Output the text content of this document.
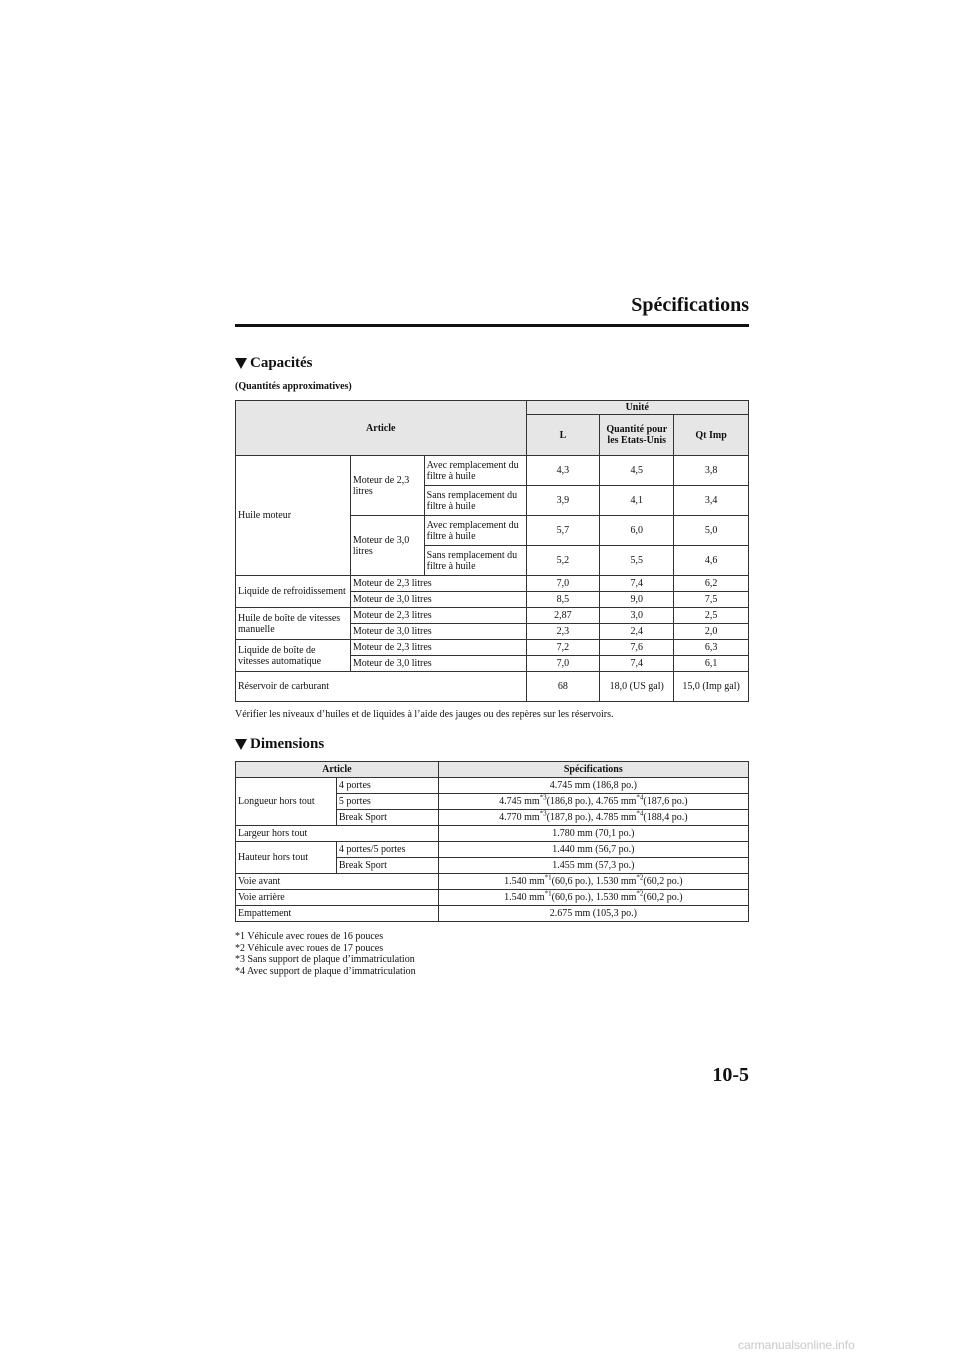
Spécifications
Capacités
(Quantités approximatives)
Article			Unité		
			L	Quantité pour les Etats-Unis	Qt Imp
Huile moteur	Moteur de 2,3 litres	Avec remplacement du filtre à huile	4,3	4,5	3,8
		Sans remplacement du filtre à huile	3,9	4,1	3,4
	Moteur de 3,0 litres	Avec remplacement du filtre à huile	5,7	6,0	5,0
		Sans remplacement du filtre à huile	5,2	5,5	4,6
Liquide de refroidissement	Moteur de 2,3 litres		7,0	7,4	6,2
	Moteur de 3,0 litres		8,5	9,0	7,5
Huile de boîte de vitesses manuelle	Moteur de 2,3 litres		2,87	3,0	2,5
	Moteur de 3,0 litres		2,3	2,4	2,0
Liquide de boîte de vitesses automatique	Moteur de 2,3 litres		7,2	7,6	6,3
	Moteur de 3,0 litres		7,0	7,4	6,1
Réservoir de carburant			68	18,0 (US gal)	15,0 (Imp gal)
Vérifier les niveaux d’huiles et de liquides à l’aide des jauges ou des repères sur les réservoirs.
Dimensions
Article		Spécifications
Longueur hors tout	4 portes	4.745 mm (186,8 po.)
	5 portes	4.745 $mm^{*3}(186,8$ po.), 4.765 $mm^{*4}(187,6$ po.)
	Break Sport	4.770 $mm^{*3}(187,8$ po.), 4.785 $mm^{*4}(188,4$ po.)
Largeur hors tout		1.780 mm (70,1 po.)
Hauteur hors tout	4 portes/5 portes	1.440 mm (56,7 po.)
	Break Sport	1.455 mm (57,3 po.)
Voie avant		1.540 $mm^{*1}(60,6$ po.), 1.530 $mm^{*2}(60,2$ po.)
Voie arrière		1.540 $mm^{*1}(60,6$ po.), 1.530 $mm^{*2}(60,2$ po.)
Empattement		2.675 mm (105,3 po.)
*1 Véhicule avec roues de 16 pouces
*2 Véhicule avec roues de 17 pouces
*3 Sans support de plaque d’immatriculation
*4 Avec support de plaque d’immatriculation
10-5
carmanualsonline.info
